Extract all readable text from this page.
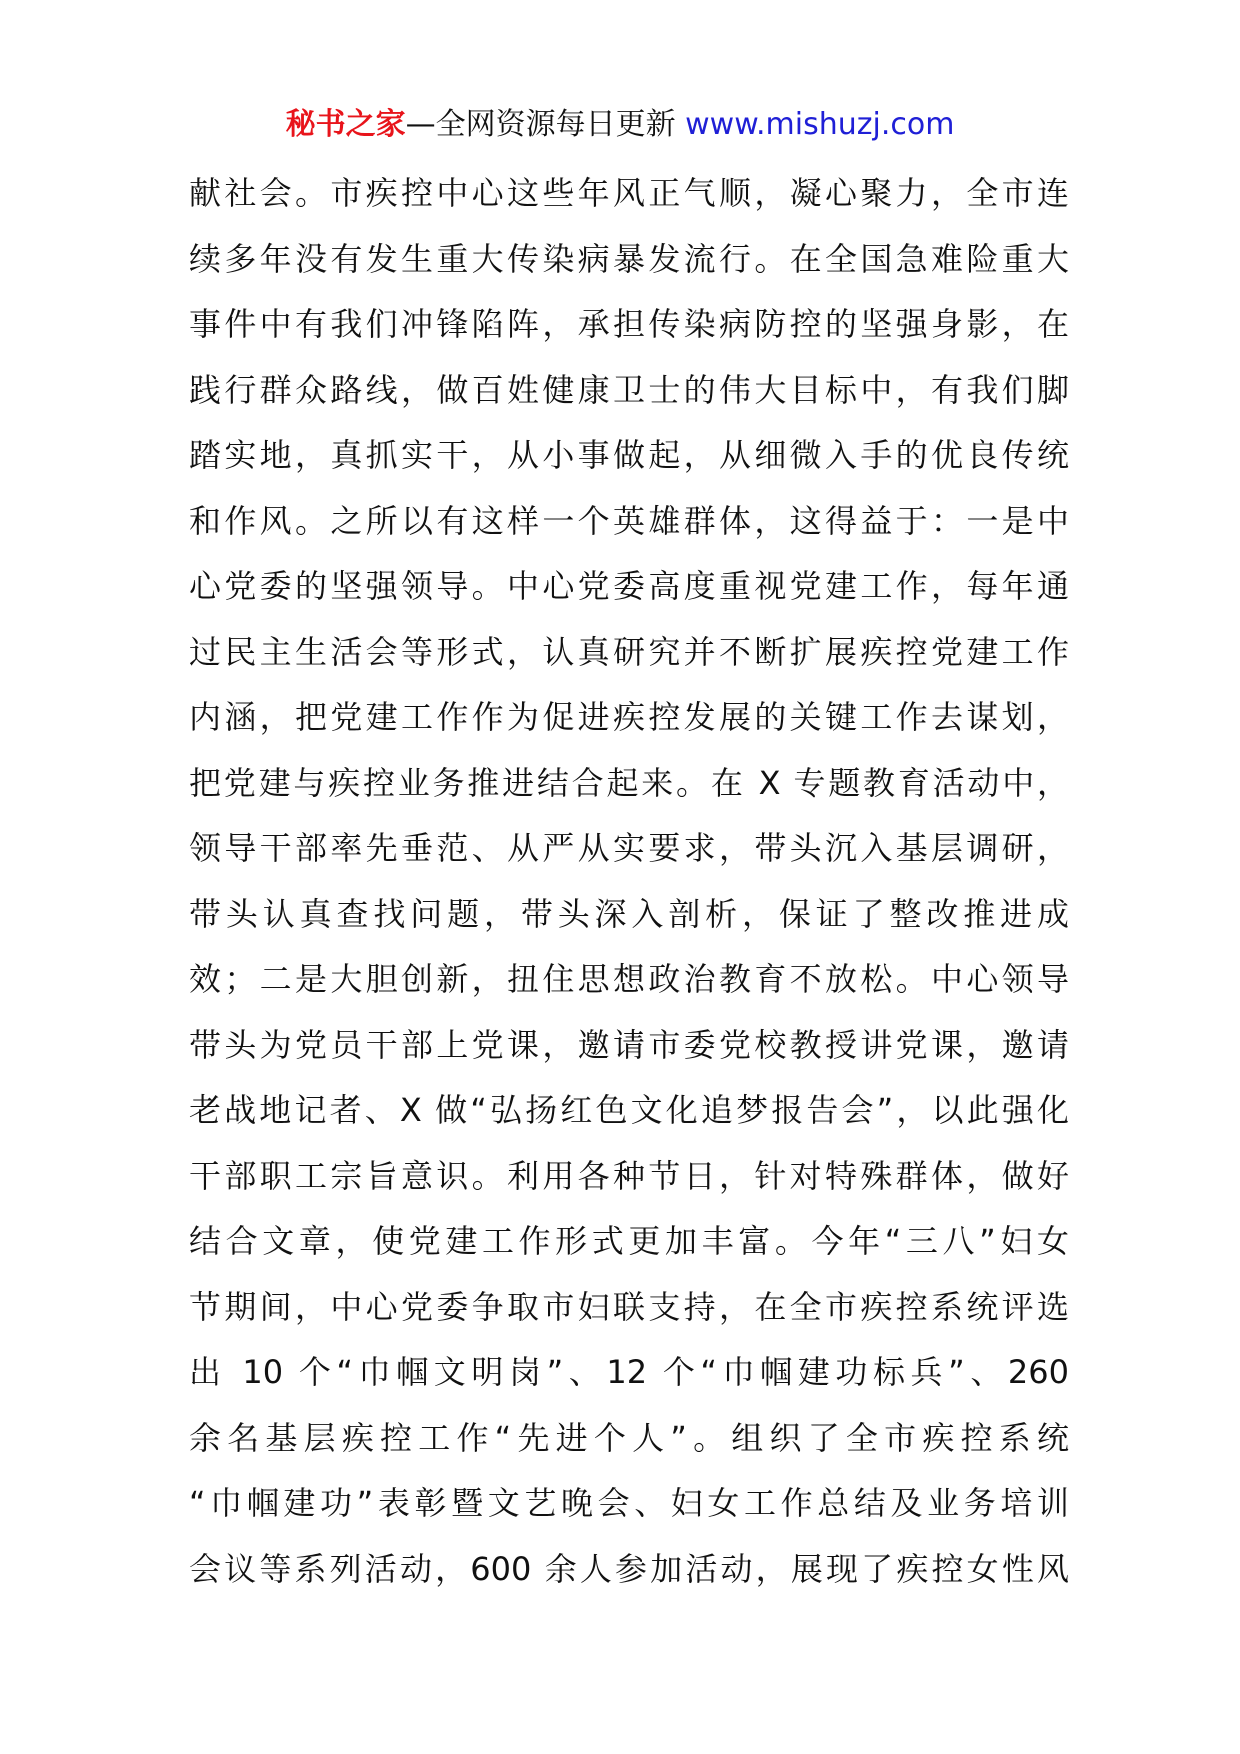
秘书之家—全网资源每日更新 www.mishuzj.com
献社会。市疾控中心这些年风正气顺，凝心聚力，全市连
续多年没有发生重大传染病暴发流行。在全国急难险重大
事件中有我们冲锋陷阵，承担传染病防控的坚强身影，在
践行群众路线，做百姓健康卫士的伟大目标中，有我们脚
踏实地，真抓实干，从小事做起，从细微入手的优良传统
和作风。之所以有这样一个英雄群体，这得益于：一是中
心党委的坚强领导。中心党委高度重视党建工作，每年通
过民主生活会等形式，认真研究并不断扩展疾控党建工作
内涵，把党建工作作为促进疾控发展的关键工作去谋划，
把党建与疾控业务推进结合起来。在 X 专题教育活动中，
领导干部率先垂范、从严从实要求，带头沉入基层调研，
带头认真查找问题，带头深入剖析，保证了整改推进成
效；二是大胆创新，扭住思想政治教育不放松。中心领导
带头为党员干部上党课，邀请市委党校教授讲党课，邀请
老战地记者、X 做“弘扬红色文化追梦报告会”，以此强化
干部职工宗旨意识。利用各种节日，针对特殊群体，做好
结合文章，使党建工作形式更加丰富。今年“三八”妇女
节期间，中心党委争取市妇联支持，在全市疾控系统评选
出 10 个“巾帼文明岗”、12 个“巾帼建功标兵”、260
余名基层疾控工作“先进个人”。组织了全市疾控系统
“巾帼建功”表彰暨文艺晚会、妇女工作总结及业务培训
会议等系列活动，600 余人参加活动，展现了疾控女性风
